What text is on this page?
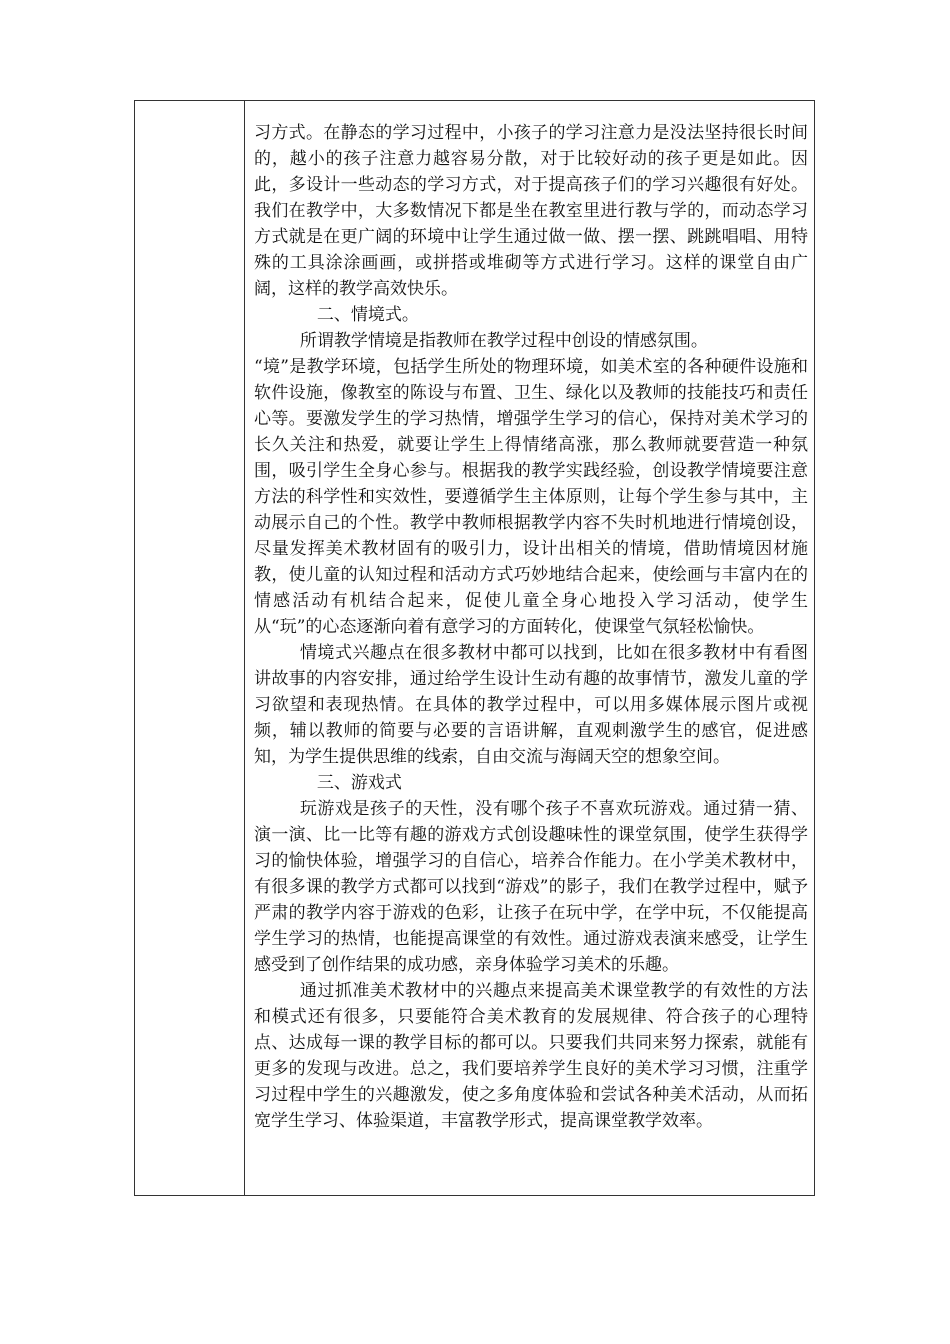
习方式。在静态的学习过程中，小孩子的学习注意力是没法坚持很长时间的，越小的孩子注意力越容易分散，对于比较好动的孩子更是如此。因此，多设计一些动态的学习方式，对于提高孩子们的学习兴趣很有好处。我们在教学中，大多数情况下都是坐在教室里进行教与学的，而动态学习方式就是在更广阔的环境中让学生通过做一做、摆一摆、跳跳唱唱、用特殊的工具涂涂画画，或拼搭或堆砌等方式进行学习。这样的课堂自由广阔，这样的教学高效快乐。

二、情境式。

所谓教学情境是指教师在教学过程中创设的情感氛围。

“境”是教学环境，包括学生所处的物理环境，如美术室的各种硬件设施和软件设施，像教室的陈设与布置、卫生、绿化以及教师的技能技巧和责任心等。要激发学生的学习热情，增强学生学习的信心，保持对美术学习的长久关注和热爱，就要让学生上得情绪高涨，那么教师就要营造一种氛围，吸引学生全身心参与。根据我的教学实践经验，创设教学情境要注意方法的科学性和实效性，要遵循学生主体原则，让每个学生参与其中，主动展示自己的个性。教学中教师根据教学内容不失时机地进行情境创设，尽量发挥美术教材固有的吸引力，设计出相关的情境，借助情境因材施教，使儿童的认知过程和活动方式巧妙地结合起来，使绘画与丰富内在的情感活动有机结合起来，促使儿童全身心地投入学习活动，使学生从“玩”的心态逐渐向着有意学习的方面转化，使课堂气氛轻松愉快。

情境式兴趣点在很多教材中都可以找到，比如在很多教材中有看图讲故事的内容安排，通过给学生设计生动有趣的故事情节，激发儿童的学习欲望和表现热情。在具体的教学过程中，可以用多媒体展示图片或视频，辅以教师的简要与必要的言语讲解，直观刺激学生的感官，促进感知，为学生提供思维的线索，自由交流与海阔天空的想象空间。

三、游戏式

玩游戏是孩子的天性，没有哪个孩子不喜欢玩游戏。通过猜一猜、演一演、比一比等有趣的游戏方式创设趣味性的课堂氛围，使学生获得学习的愉快体验，增强学习的自信心，培养合作能力。在小学美术教材中，有很多课的教学方式都可以找到“游戏”的影子，我们在教学过程中，赋予严肃的教学内容于游戏的色彩，让孩子在玩中学，在学中玩，不仅能提高学生学习的热情，也能提高课堂的有效性。通过游戏表演来感受，让学生感受到了创作结果的成功感，亲身体验学习美术的乐趣。

通过抓准美术教材中的兴趣点来提高美术课堂教学的有效性的方法和模式还有很多，只要能符合美术教育的发展规律、符合孩子的心理特点、达成每一课的教学目标的都可以。只要我们共同来努力探索，就能有更多的发现与改进。总之，我们要培养学生良好的美术学习习惯，注重学习过程中学生的兴趣激发，使之多角度体验和尝试各种美术活动，从而拓宽学生学习、体验渠道，丰富教学形式，提高课堂教学效率。
